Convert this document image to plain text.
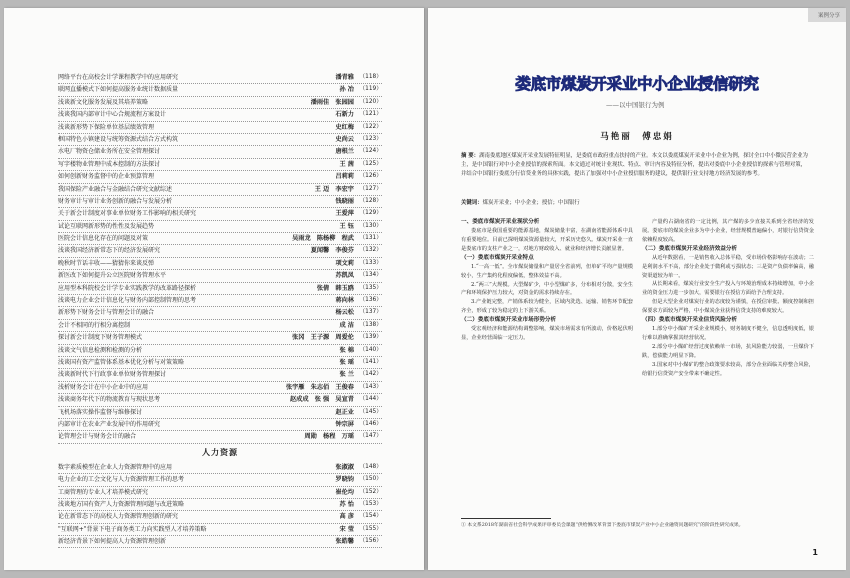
网络平台在高校会计学课程教学中的应用研究	潘青雅 （118）
联网直播模式下如何提高服务业统计数据质量	孙 冶 （119）
浅谈新文化服务发展及其培养策略	潘雨佳　张园园 （120）
浅谈我国内部审计中心合规流程方案设计	石新力 （121）
浅谈新形势下保险单位基层绩效管理	史红梅 （122）
框国特色小镇建设与统筹资源式结合方式构筑	史尚云 （123）
水电厂物资仓储业务所在安全管理探讨	唐根兰 （124）
写字楼物业管理中成本控制的方法探讨	王 茜 （125）
如何创新财务监督中的企业预算管理	吕莉莉 （126）
我国保险产业融合与金融结合研究文献综述	王 迈　李宏宇 （127）
财务审计与审计业务创新的融合与发展分析	钱晓丽 （128）
关于新会计制度对事业单位财务工作影响的相关研究	王爱萍 （129）
试论互联网新形势的性性及发展趋势	王 钰 （130）
医院会计信息化存在的问题及对策	吴雨龙　陈杨柳　程武 （131）
浅谈我国经济新常态下的经济发展研究	夏闻馨　李俊芬 （132）
晚秋时节话丰收——猜猜你来谈反弹	项文莉 （133）
新医改下如何提升公立医院财务管理水平	苏凯凤 （134）
应用型本科院校会计学专业实践教学的改革路径探析	张倩　韩玉鸥 （135）
浅谈电力企业会计信息化与财务内部控制管理的思考	蒋向林 （136）
新形势下财务会计与管理会计的融合	杨云松 （137）
会计不相同的行相分离控制	成 洁 （138）
探讨新会计制度下财务管理模式	张冈　王子源　周爱伦 （139）
浅谈文气信息检测和检测的分析	张 棉 （140）
浅谈国有资产监管体系基本优化分析与对策策略	张 瑶 （141）
浅谈新时代下行政事业单位财务管理探讨	张 兰 （142）
浅析财务会计在中小企业中的应用	张宇雁　朱志佰　王俊春 （143）
浅谈商务年代下的物流教育与现状思考	赵成成　张 强　吴宣青 （144）
飞机场落实操作监督与维修探讨	赵正业 （145）
内部审计在农业产业发展中的作用研究	钟宗屏 （146）
论管理会计与财务会计的融合	周勋　杨程　万瑶 （147）
人力资源
数字素质模型在企业人力资源管理中的应用	张淑淑 （148）
电力企业的工会文化与人力资源管理工作的思考	罗晓钧 （150）
工商管理的专业人才培养模式研究	崔伦均 （152）
浅谈地方国有资产人力资源管理问题与改进策略	苏 怡 （153）
论在新常态下的高校人力资源管理创新的研究	高 彦 （154）
"互联网+"背景下电子商务类工力向实践型人才培养策略	宋 莹 （155）
新经济背景下如何提高人力资源管理创新	张皓馨 （156）
案例分享
娄底市煤炭开采业中小企业授信研究
——以中国银行为例
马艳丽　傅忠娟
摘 要：湖南娄底地区煤炭开采业发展特征明显，是娄底市政府重点扶持的产业。本文以娄底煤炭开采业中小企业为例，探讨全口中小微民营企业为主，是中国银行对中小企业授信的探索所面。本文通过对统计业现状、特点、审计内容及特征分析，提出对娄底中小企业授信的探索与管理对策，并结合中国银行娄底分行信贷业务的具体实践，提出了加强对中小企业授信服务的建议，提供银行业支持地方经济发展的参考。
关键词：煤炭开采业；中小企业；授信；中国银行
一、娄底市煤炭开采业现状分析

娄底市是我国重要的能源基地，煤炭储量丰富，在湖南省能源体系中具有重要地位。目前已探明煤炭资源量较大，开采历史悠久。煤炭开采业一直是娄底市的支柱产业之一，对地方财政收入、就业和经济增长贡献显著。

（一）娄底市煤炭开采业特点

1.“一高一低”。全市煤炭储量和产量居全省前列，但单矿平均产量规模较小，生产集约化程度偏低，整体效益不高。

2.“两三”大规模。大型煤矿少，中小型煤矿多，分布相对分散，安全生产和环境保护压力较大，对资金的需求持续存在。

3.产业链完整，产销体系较为健全，区域内洗选、运输、销售环节配套齐全，形成了较为稳定的上下游关系。

（二）娄底市煤炭开采业市场形势分析

受宏观经济和能源结构调整影响，煤炭市场需求有所波动，价格起伏明显，企业经营面临一定压力。

产量约占湖南省的一定比例，其产煤的多少直接关系到全省经济的发展。娄底市的煤炭企业多为中小企业，经营规模普遍偏小，对银行信贷资金依赖程度较高。

（二）娄底市煤炭开采业经济效益分析

从近年数据看，一是销售收入总体平稳，受市场价格影响存在波动；二是利润水平不高，部分企业处于微利或亏损状态；三是资产负债率偏高，融资渠道较为单一。

从长期来看，煤炭行业安全生产投入与环境治理成本持续增加，中小企业的资金压力进一步加大，需要银行在授信方面给予合理支持。

但是大型企业对煤炭行业的态度较为谨慎，在授信审批、额度控制和担保要求方面较为严格，中小煤炭企业获得信贷支持的难度较大。

（四）娄底市煤炭开采业信贷风险分析

1.部分中小煤矿开采企业规模小，财务制度不健全，信息透明度低，银行难以准确掌握其经营状况。

2.部分中小煤矿经营过度依赖单一市场，抗风险能力较弱，一旦煤价下跌，偿债能力明显下降。

3.国家对中小煤矿的整合政策要求较高，部分企业面临关停整合风险，给银行信贷资产安全带来不确定性。

① 本文系2018年湖南省社会科学成果评审委员会课题“供给侧改革背景下娄底市煤炭产业中小企业融资问题研究”的阶段性研究成果。
1
